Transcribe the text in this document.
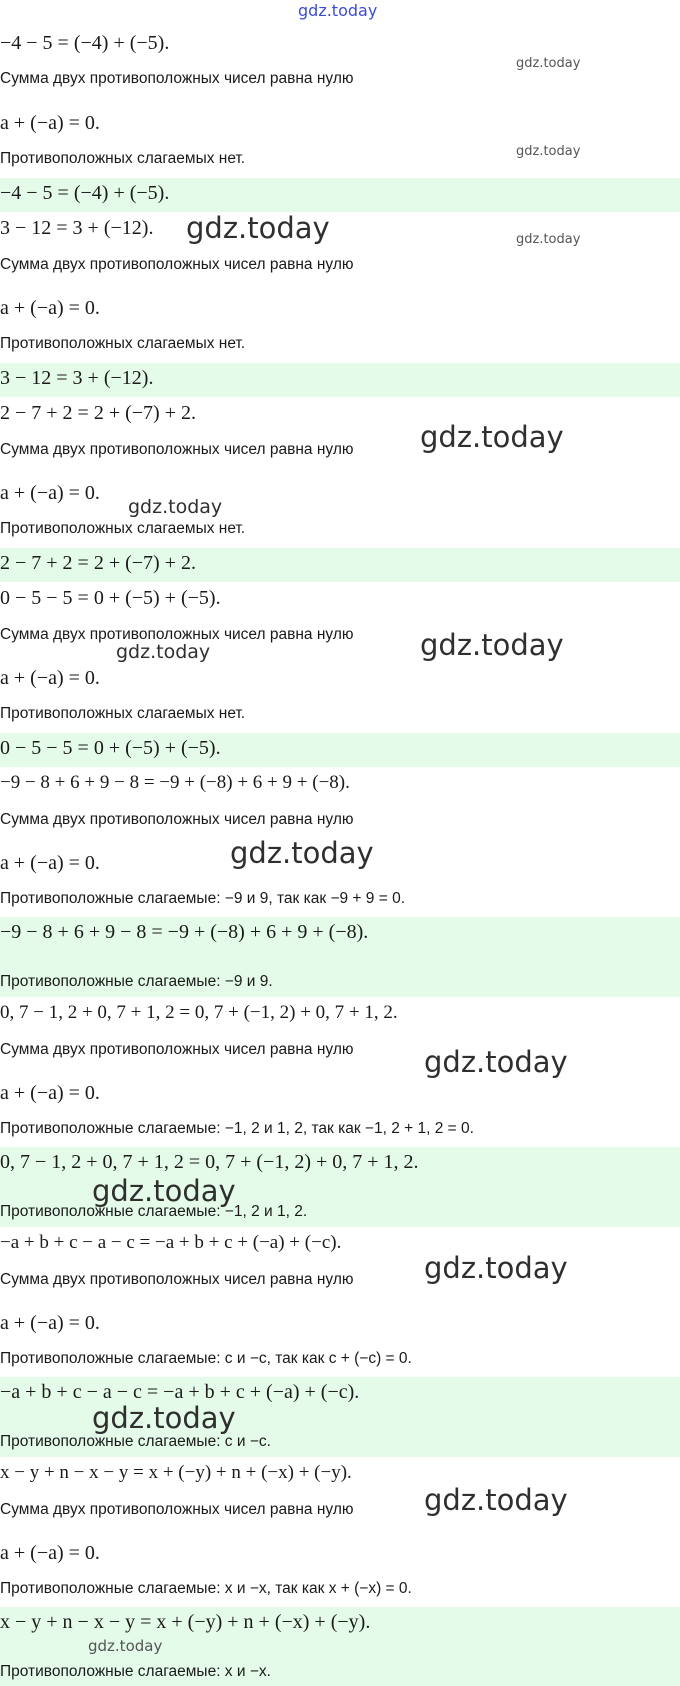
gdz.today
gdz.today
gdz.today
gdz.today
gdz.today
gdz.today
gdz.today
gdz.today
gdz.today
gdz.today
gdz.today
gdz.today
gdz.today
gdz.today
gdz.today
gdz.today
−4 − 5 = (−4) + (−5).
Сумма двух противоположных чисел равна нулю
a + (−a) = 0.
Противоположных слагаемых нет.
−4 − 5 = (−4) + (−5).
3 − 12 = 3 + (−12).
Сумма двух противоположных чисел равна нулю
a + (−a) = 0.
Противоположных слагаемых нет.
3 − 12 = 3 + (−12).
2 − 7 + 2 = 2 + (−7) + 2.
Сумма двух противоположных чисел равна нулю
a + (−a) = 0.
Противоположных слагаемых нет.
2 − 7 + 2 = 2 + (−7) + 2.
0 − 5 − 5 = 0 + (−5) + (−5).
Сумма двух противоположных чисел равна нулю
a + (−a) = 0.
Противоположных слагаемых нет.
0 − 5 − 5 = 0 + (−5) + (−5).
−9 − 8 + 6 + 9 − 8 = −9 + (−8) + 6 + 9 + (−8).
Сумма двух противоположных чисел равна нулю
a + (−a) = 0.
Противоположные слагаемые: −9 и 9, так как −9 + 9 = 0.
−9 − 8 + 6 + 9 − 8 = −9 + (−8) + 6 + 9 + (−8).
Противоположные слагаемые: −9 и 9.
0, 7 − 1, 2 + 0, 7 + 1, 2 = 0, 7 + (−1, 2) + 0, 7 + 1, 2.
Сумма двух противоположных чисел равна нулю
a + (−a) = 0.
Противоположные слагаемые: −1, 2 и 1, 2, так как −1, 2 + 1, 2 = 0.
0, 7 − 1, 2 + 0, 7 + 1, 2 = 0, 7 + (−1, 2) + 0, 7 + 1, 2.
Противоположные слагаемые: −1, 2 и 1, 2.
−a + b + c − a − c = −a + b + c + (−a) + (−c).
Сумма двух противоположных чисел равна нулю
a + (−a) = 0.
Противоположные слагаемые: c и −c, так как c + (−c) = 0.
−a + b + c − a − c = −a + b + c + (−a) + (−c).
Противоположные слагаемые: c и −c.
x − y + n − x − y = x + (−y) + n + (−x) + (−y).
Сумма двух противоположных чисел равна нулю
a + (−a) = 0.
Противоположные слагаемые: x и −x, так как x + (−x) = 0.
x − y + n − x − y = x + (−y) + n + (−x) + (−y).
Противоположные слагаемые: x и −x.
